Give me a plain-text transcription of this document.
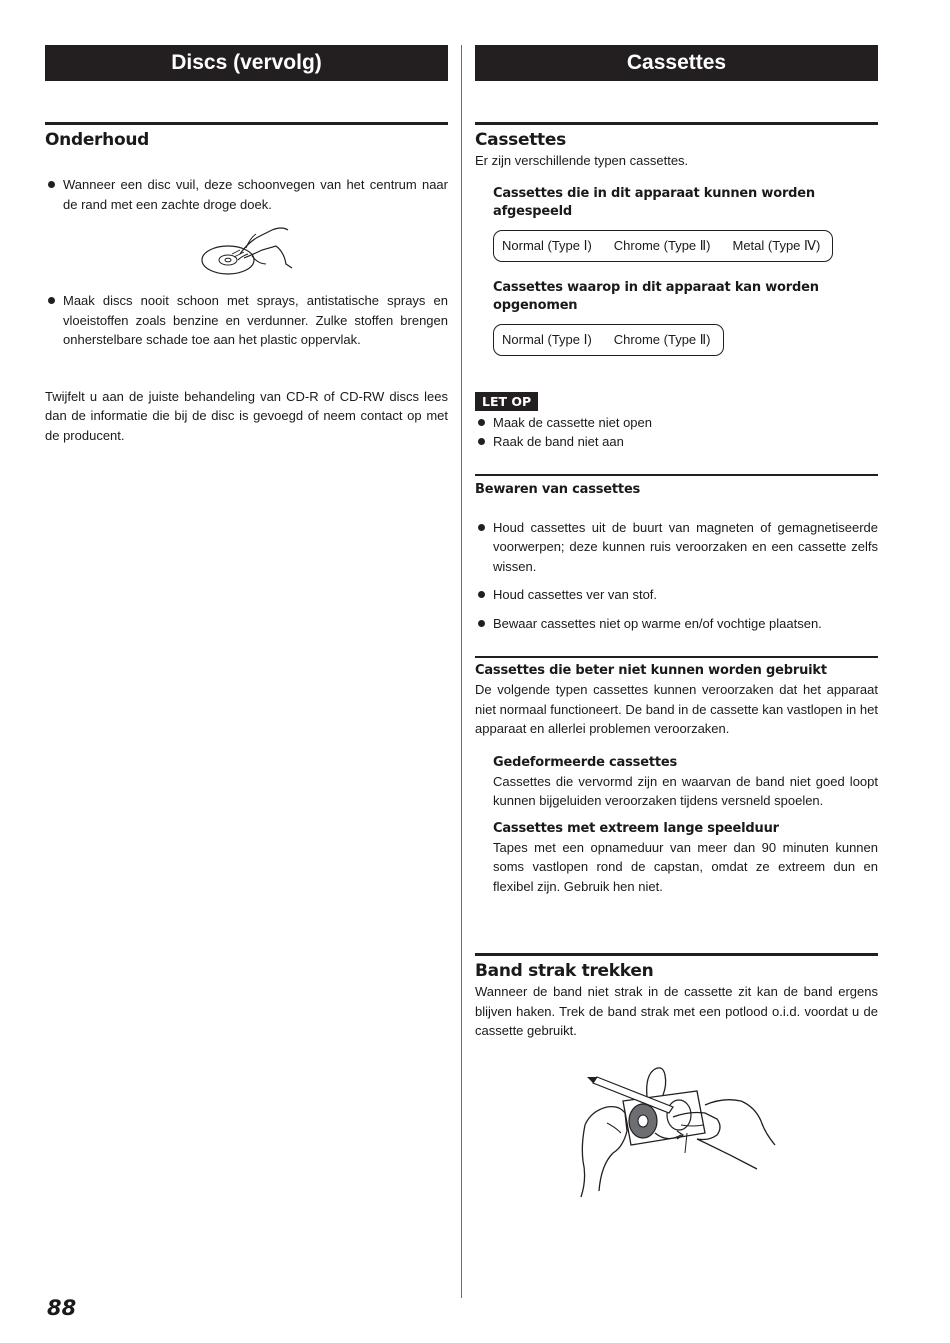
Discs (vervolg)
Onderhoud
Wanneer een disc vuil, deze schoonvegen van het centrum naar de rand met een zachte droge doek.
Maak discs nooit schoon met sprays, antistatische sprays en vloeistoffen zoals benzine en verdunner. Zulke stoffen brengen onherstelbare schade toe aan het plastic oppervlak.

Twijfelt u aan de juiste behandeling van CD-R of CD-RW discs lees dan de informatie die bij de disc is gevoegd of neem contact op met de producent.

Cassettes
Cassettes

Er zijn verschillende typen cassettes.

Cassettes die in dit apparaat kunnen worden afgespeeld
Normal (Type Ⅰ) Chrome (Type Ⅱ) Metal (Type Ⅳ)
Cassettes waarop in dit apparaat kan worden opgenomen
Normal (Type Ⅰ) Chrome (Type Ⅱ)
LET OP
Maak de cassette niet open
Raak de band niet aan
Bewaren van cassettes
Houd cassettes uit de buurt van magneten of gemagnetiseerde voorwerpen; deze kunnen ruis veroorzaken en een cassette zelfs wissen.
Houd cassettes ver van stof.
Bewaar cassettes niet op warme en/of vochtige plaatsen.
Cassettes die beter niet kunnen worden gebruikt

De volgende typen cassettes kunnen veroorzaken dat het apparaat niet normaal functioneert. De band in de cassette kan vastlopen in het apparaat en allerlei problemen veroorzaken.

Gedeformeerde cassettes

Cassettes die vervormd zijn en waarvan de band niet goed loopt kunnen bijgeluiden veroorzaken tijdens versneld spoelen.

Cassettes met extreem lange speelduur

Tapes met een opnameduur van meer dan 90 minuten kunnen soms vastlopen rond de capstan, omdat ze extreem dun en flexibel zijn. Gebruik hen niet.

Band strak trekken

Wanneer de band niet strak in de cassette zit kan de band ergens blijven haken. Trek de band strak met een potlood o.i.d. voordat u de cassette gebruikt.

88
